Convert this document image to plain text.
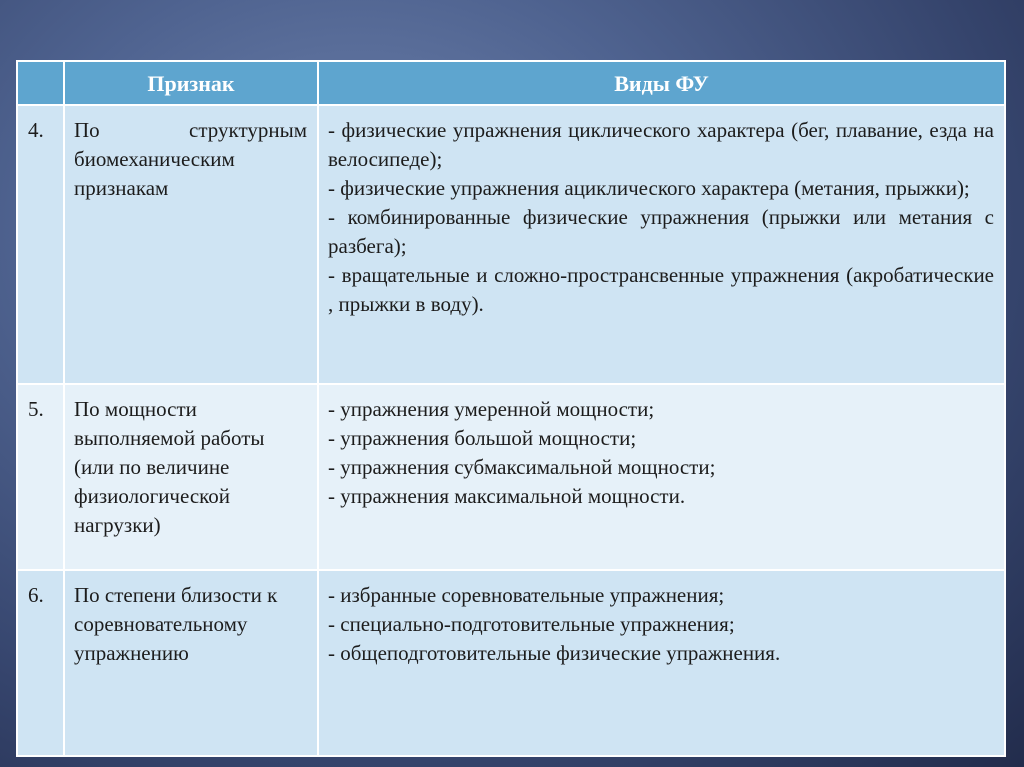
	Признак	Виды ФУ
4.	По структурным биомеханическим признакам	- физические упражнения циклического характера (бег, плавание, езда на велосипеде);
- физические упражнения ациклического характера (метания, прыжки);
- комбинированные физические упражнения (прыжки или метания с разбега);
- вращательные и сложно-пространсвенные упражнения (акробатические , прыжки в воду).

5.	По мощности выполняемой работы (или по величине физиологической нагрузки)	- упражнения умеренной мощности;
- упражнения большой мощности;
- упражнения субмаксимальной мощности;
- упражнения максимальной мощности.

6.	По степени близости к соревновательному упражнению	- избранные соревновательные упражнения;
- специально-подготовительные упражнения;
- общеподготовительные физические упражнения.
